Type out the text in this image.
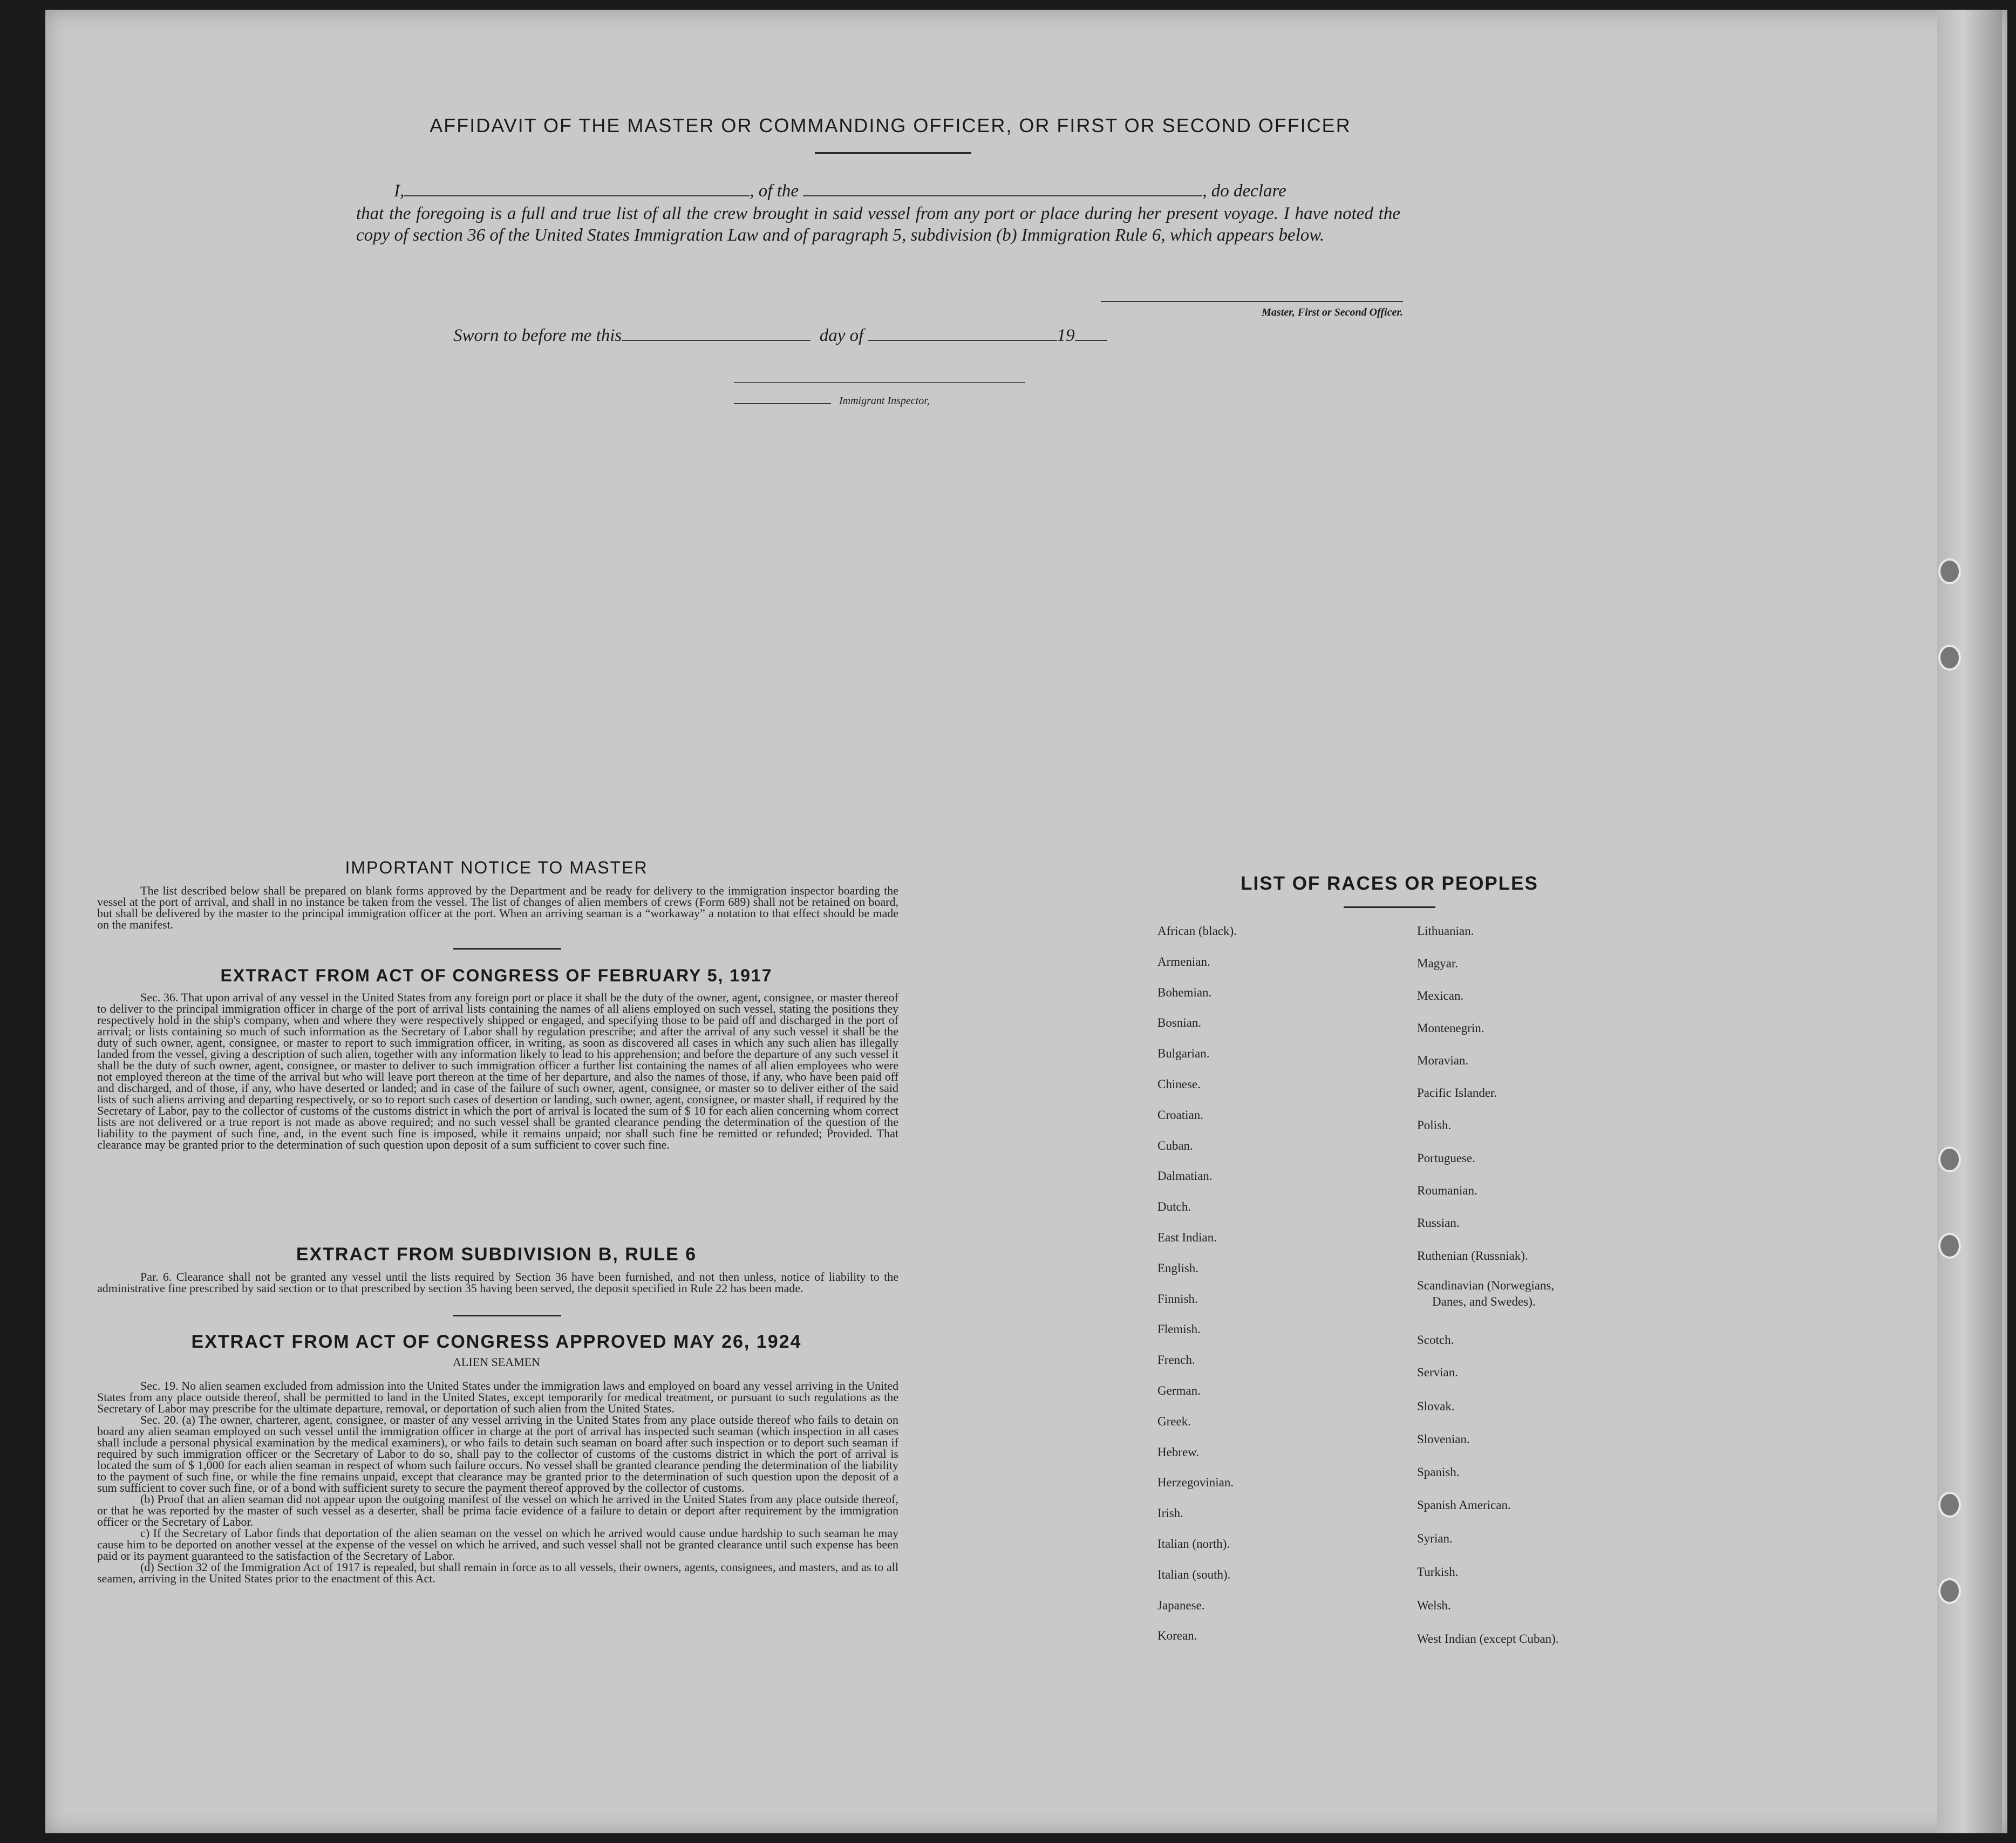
AFFIDAVIT OF THE MASTER OR COMMANDING OFFICER, OR FIRST OR SECOND OFFICER
I,	, of the	, do declare
that the foregoing is a full and true list of all the crew brought in said vessel from any port or place during her present voyage. I have noted the copy of section 36 of the United States Immigration Law and of paragraph 5, subdivision (b) Immigration Rule 6, which appears below.
Master, First or Second Officer.
Sworn to before me this	day of	19
Immigrant Inspector,
IMPORTANT NOTICE TO MASTER

The list described below shall be prepared on blank forms approved by the Department and be ready for delivery to the immigration inspector boarding the vessel at the port of arrival, and shall in no instance be taken from the vessel. The list of changes of alien members of crews (Form 689) shall not be retained on board, but shall be delivered by the master to the principal immigration officer at the port. When an arriving seaman is a “workaway” a notation to that effect should be made on the manifest.

EXTRACT FROM ACT OF CONGRESS OF FEBRUARY 5, 1917

Sec. 36. That upon arrival of any vessel in the United States from any foreign port or place it shall be the duty of the owner, agent, consignee, or master thereof to deliver to the principal immigration officer in charge of the port of arrival lists containing the names of all aliens employed on such vessel, stating the positions they respectively hold in the ship's company, when and where they were respectively shipped or engaged, and specifying those to be paid off and discharged in the port of arrival; or lists containing so much of such information as the Secretary of Labor shall by regulation prescribe; and after the arrival of any such vessel it shall be the duty of such owner, agent, consignee, or master to report to such immigration officer, in writing, as soon as discovered all cases in which any such alien has illegally landed from the vessel, giving a description of such alien, together with any information likely to lead to his apprehension; and before the departure of any such vessel it shall be the duty of such owner, agent, consignee, or master to deliver to such immigration officer a further list containing the names of all alien employees who were not employed thereon at the time of the arrival but who will leave port thereon at the time of her departure, and also the names of those, if any, who have been paid off and discharged, and of those, if any, who have deserted or landed; and in case of the failure of such owner, agent, consignee, or master so to deliver either of the said lists of such aliens arriving and departing respectively, or so to report such cases of desertion or landing, such owner, agent, consignee, or master shall, if required by the Secretary of Labor, pay to the collector of customs of the customs district in which the port of arrival is located the sum of $ 10 for each alien concerning whom correct lists are not delivered or a true report is not made as above required; and no such vessel shall be granted clearance pending the determination of the question of the liability to the payment of such fine, and, in the event such fine is imposed, while it remains unpaid; nor shall such fine be remitted or refunded; Provided. That clearance may be granted prior to the determination of such question upon deposit of a sum sufficient to cover such fine.

EXTRACT FROM SUBDIVISION B, RULE 6

Par. 6. Clearance shall not be granted any vessel until the lists required by Section 36 have been furnished, and not then unless, notice of liability to the administrative fine prescribed by said section or to that prescribed by section 35 having been served, the deposit specified in Rule 22 has been made.

EXTRACT FROM ACT OF CONGRESS APPROVED MAY 26, 1924
ALIEN SEAMEN

Sec. 19. No alien seamen excluded from admission into the United States under the immigration laws and employed on board any vessel arriving in the United States from any place outside thereof, shall be permitted to land in the United States, except temporarily for medical treatment, or pursuant to such regulations as the Secretary of Labor may prescribe for the ultimate departure, removal, or deportation of such alien from the United States.

Sec. 20. (a) The owner, charterer, agent, consignee, or master of any vessel arriving in the United States from any place outside thereof who fails to detain on board any alien seaman employed on such vessel until the immigration officer in charge at the port of arrival has inspected such seaman (which inspection in all cases shall include a personal physical examination by the medical examiners), or who fails to detain such seaman on board after such inspection or to deport such seaman if required by such immigration officer or the Secretary of Labor to do so, shall pay to the collector of customs of the customs district in which the port of arrival is located the sum of $ 1,000 for each alien seaman in respect of whom such failure occurs. No vessel shall be granted clearance pending the determination of the liability to the payment of such fine, or while the fine remains unpaid, except that clearance may be granted prior to the determination of such question upon the deposit of a sum sufficient to cover such fine, or of a bond with sufficient surety to secure the payment thereof approved by the collector of customs.

(b) Proof that an alien seaman did not appear upon the outgoing manifest of the vessel on which he arrived in the United States from any place outside thereof, or that he was reported by the master of such vessel as a deserter, shall be prima facie evidence of a failure to detain or deport after requirement by the immigration officer or the Secretary of Labor.

c) If the Secretary of Labor finds that deportation of the alien seaman on the vessel on which he arrived would cause undue hardship to such seaman he may cause him to be deported on another vessel at the expense of the vessel on which he arrived, and such vessel shall not be granted clearance until such expense has been paid or its payment guaranteed to the satisfaction of the Secretary of Labor.

(d) Section 32 of the Immigration Act of 1917 is repealed, but shall remain in force as to all vessels, their owners, agents, consignees, and masters, and as to all seamen, arriving in the United States prior to the enactment of this Act.

LIST OF RACES OR PEOPLES
African (black).
Armenian.
Bohemian.
Bosnian.
Bulgarian.
Chinese.
Croatian.
Cuban.
Dalmatian.
Dutch.
East Indian.
English.
Finnish.
Flemish.
French.
German.
Greek.
Hebrew.
Herzegovinian.
Irish.
Italian (north).
Italian (south).
Japanese.
Korean.
Lithuanian.
Magyar.
Mexican.
Montenegrin.
Moravian.
Pacific Islander.
Polish.
Portuguese.
Roumanian.
Russian.
Ruthenian (Russniak).
Scandinavian (Norwegians,
Danes, and Swedes).
Scotch.
Servian.
Slovak.
Slovenian.
Spanish.
Spanish American.
Syrian.
Turkish.
Welsh.
West Indian (except Cuban).
